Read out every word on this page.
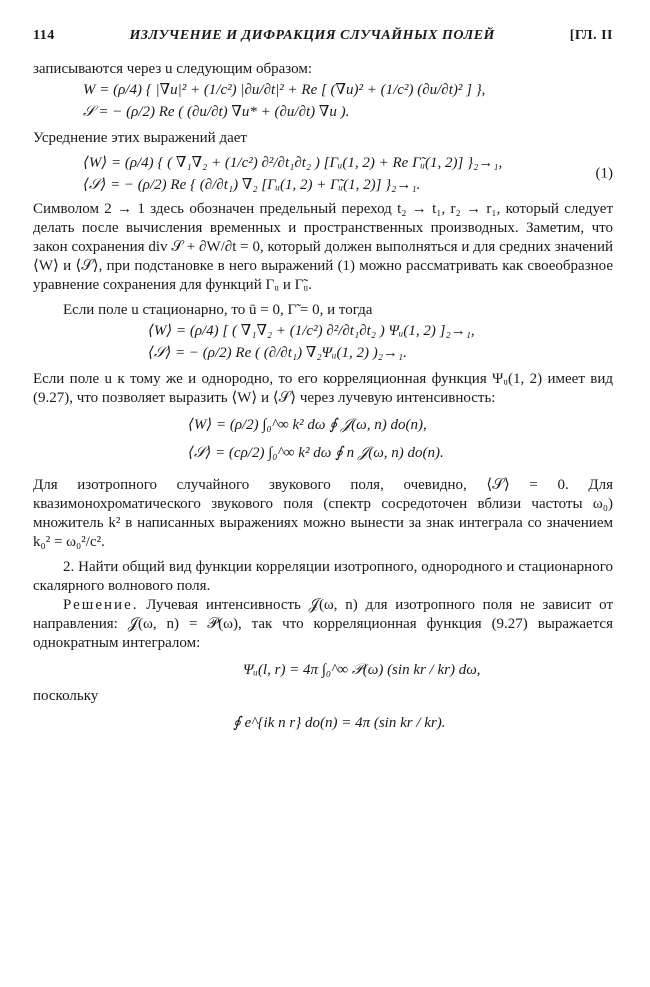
114	ИЗЛУЧЕНИЕ И ДИФРАКЦИЯ СЛУЧАЙНЫХ ПОЛЕЙ	[ГЛ. II

записываются через u следующим образом:

W = (ρ/4) { |∇u|² + (1/c²) |∂u/∂t|² + Re [ (∇u)² + (1/c²) (∂u/∂t)² ] },
𝒮 = − (ρ/2) Re ( (∂u/∂t) ∇u* + (∂u/∂t) ∇u ).

Усреднение этих выражений дает

⟨W⟩ = (ρ/4) { ( ∇₁∇₂ + (1/c²) ∂²/∂t₁∂t₂ ) [Γᵤ(1, 2) + Re Γ̃ᵤ(1, 2)] }₂→₁,
⟨𝒮⟩ = − (ρ/2) Re { (∂/∂t₁) ∇₂ [Γᵤ(1, 2) + Γ̃ᵤ(1, 2)] }₂→₁.
(1)

Символом 2 → 1 здесь обозначен предельный переход t₂ → t₁, r₂ → r₁, который следует делать после вычисления временных и пространственных производных. Заметим, что закон сохранения div 𝒮 + ∂W/∂t = 0, который должен выполняться и для средних значений ⟨W⟩ и ⟨𝒮⟩, при подстановке в него выражений (1) можно рассматривать как своеобразное уравнение сохранения для функций Γᵤ и Γ̃ᵤ.

Если поле u стационарно, то ū = 0, Γ̃ = 0, и тогда

⟨W⟩ = (ρ/4) [ ( ∇₁∇₂ + (1/c²) ∂²/∂t₁∂t₂ ) Ψᵤ(1, 2) ]₂→₁,
⟨𝒮⟩ = − (ρ/2) Re ( (∂/∂t₁) ∇₂Ψᵤ(1, 2) )₂→₁.

Если поле u к тому же и однородно, то его корреляционная функция Ψᵤ(1, 2) имеет вид (9.27), что позволяет выразить ⟨W⟩ и ⟨𝒮⟩ через лучевую интенсивность:

⟨W⟩ = (ρ/2) ∫₀^∞ k² dω ∮ 𝒥(ω, n) do(n),
⟨𝒮⟩ = (cρ/2) ∫₀^∞ k² dω ∮ n 𝒥(ω, n) do(n).

Для изотропного случайного звукового поля, очевидно, ⟨𝒮⟩ = 0. Для квазимонохроматического звукового поля (спектр сосредоточен вблизи частоты ω₀) множитель k² в написанных выражениях можно вынести за знак интеграла со значением k₀² = ω₀²/c².

2. Найти общий вид функции корреляции изотропного, однородного и стационарного скалярного волнового поля.

Решение. Лучевая интенсивность 𝒥(ω, n) для изотропного поля не зависит от направления: 𝒥(ω, n) = 𝒫(ω), так что корреляционная функция (9.27) выражается однократным интегралом:

Ψᵤ(l, r) = 4π ∫₀^∞ 𝒫(ω) (sin kr / kr) dω,

поскольку

∮ e^{ik n r} do(n) = 4π (sin kr / kr).
